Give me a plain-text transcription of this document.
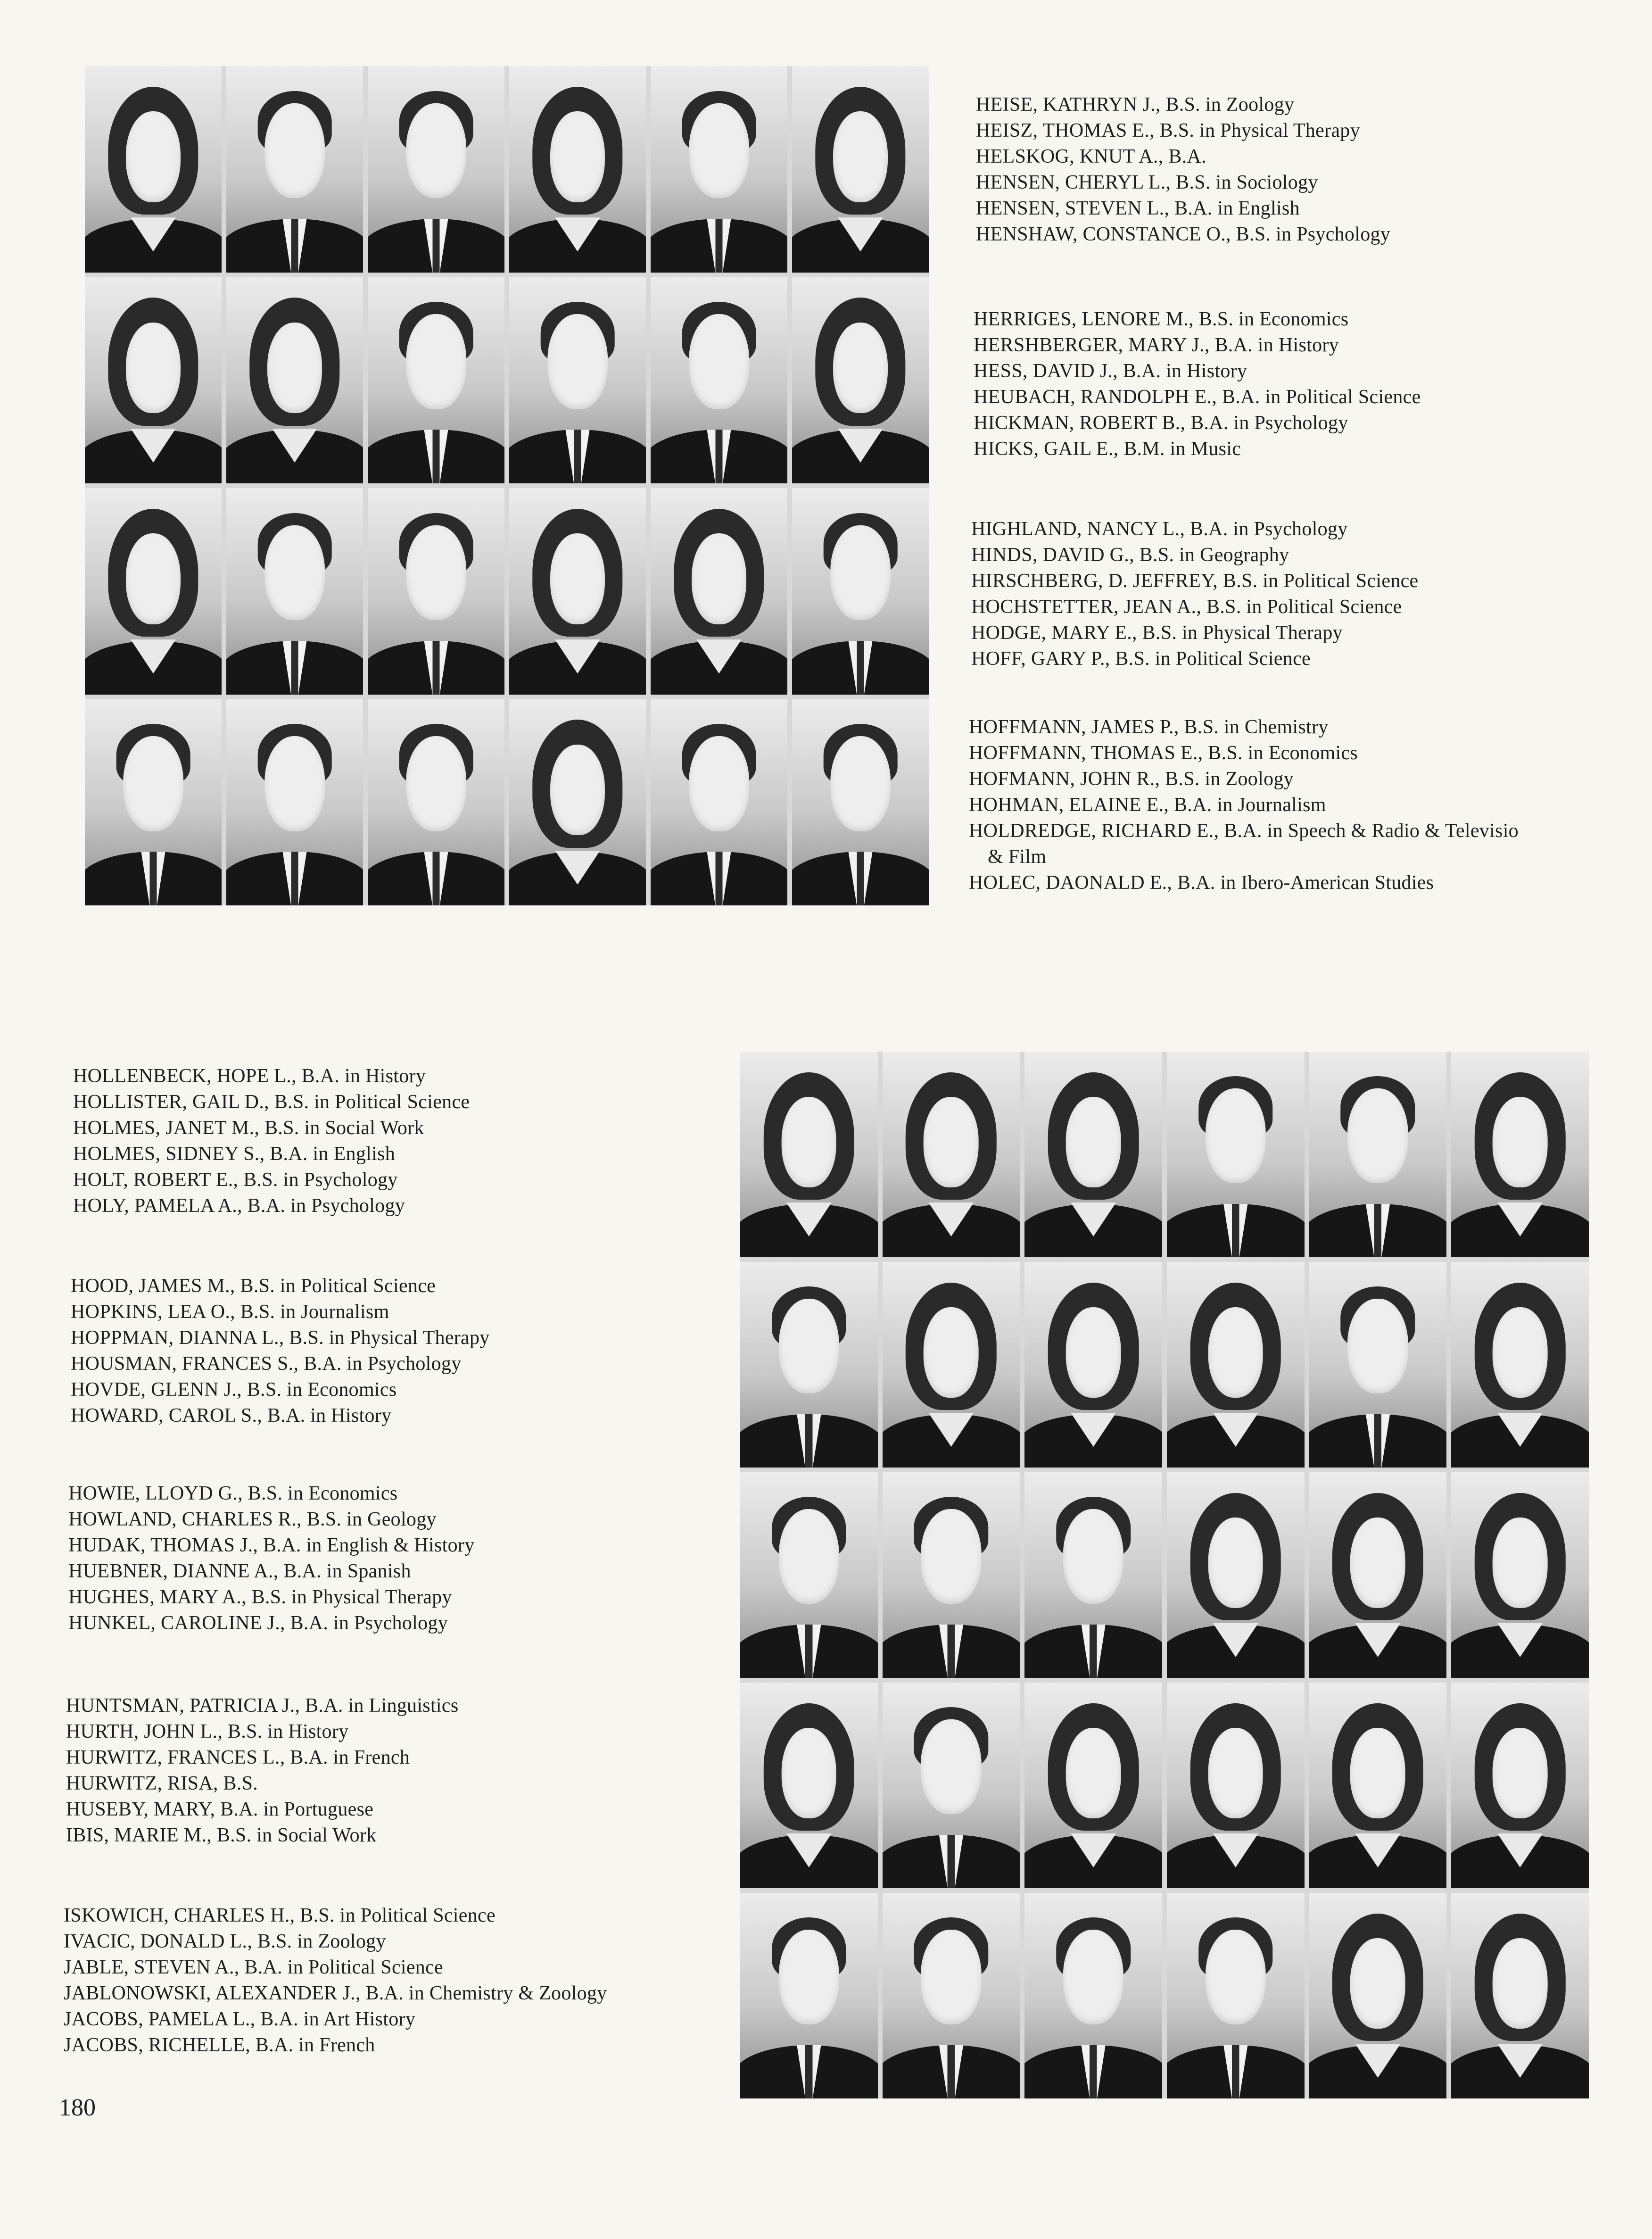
HEISE, KATHRYN J., B.S. in Zoology
HEISZ, THOMAS E., B.S. in Physical Therapy
HELSKOG, KNUT A., B.A.
HENSEN, CHERYL L., B.S. in Sociology
HENSEN, STEVEN L., B.A. in English
HENSHAW, CONSTANCE O., B.S. in Psychology
HERRIGES, LENORE M., B.S. in Economics
HERSHBERGER, MARY J., B.A. in History
HESS, DAVID J., B.A. in History
HEUBACH, RANDOLPH E., B.A. in Political Science
HICKMAN, ROBERT B., B.A. in Psychology
HICKS, GAIL E., B.M. in Music
HIGHLAND, NANCY L., B.A. in Psychology
HINDS, DAVID G., B.S. in Geography
HIRSCHBERG, D. JEFFREY, B.S. in Political Science
HOCHSTETTER, JEAN A., B.S. in Political Science
HODGE, MARY E., B.S. in Physical Therapy
HOFF, GARY P., B.S. in Political Science
HOFFMANN, JAMES P., B.S. in Chemistry
HOFFMANN, THOMAS E., B.S. in Economics
HOFMANN, JOHN R., B.S. in Zoology
HOHMAN, ELAINE E., B.A. in Journalism
HOLDREDGE, RICHARD E., B.A. in Speech & Radio & Televisio
& Film
HOLEC, DAONALD E., B.A. in Ibero-American Studies
HOLLENBECK, HOPE L., B.A. in History
HOLLISTER, GAIL D., B.S. in Political Science
HOLMES, JANET M., B.S. in Social Work
HOLMES, SIDNEY S., B.A. in English
HOLT, ROBERT E., B.S. in Psychology
HOLY, PAMELA A., B.A. in Psychology
HOOD, JAMES M., B.S. in Political Science
HOPKINS, LEA O., B.S. in Journalism
HOPPMAN, DIANNA L., B.S. in Physical Therapy
HOUSMAN, FRANCES S., B.A. in Psychology
HOVDE, GLENN J., B.S. in Economics
HOWARD, CAROL S., B.A. in History
HOWIE, LLOYD G., B.S. in Economics
HOWLAND, CHARLES R., B.S. in Geology
HUDAK, THOMAS J., B.A. in English & History
HUEBNER, DIANNE A., B.A. in Spanish
HUGHES, MARY A., B.S. in Physical Therapy
HUNKEL, CAROLINE J., B.A. in Psychology
HUNTSMAN, PATRICIA J., B.A. in Linguistics
HURTH, JOHN L., B.S. in History
HURWITZ, FRANCES L., B.A. in French
HURWITZ, RISA, B.S.
HUSEBY, MARY, B.A. in Portuguese
IBIS, MARIE M., B.S. in Social Work
ISKOWICH, CHARLES H., B.S. in Political Science
IVACIC, DONALD L., B.S. in Zoology
JABLE, STEVEN A., B.A. in Political Science
JABLONOWSKI, ALEXANDER J., B.A. in Chemistry & Zoology
JACOBS, PAMELA L., B.A. in Art History
JACOBS, RICHELLE, B.A. in French
180
